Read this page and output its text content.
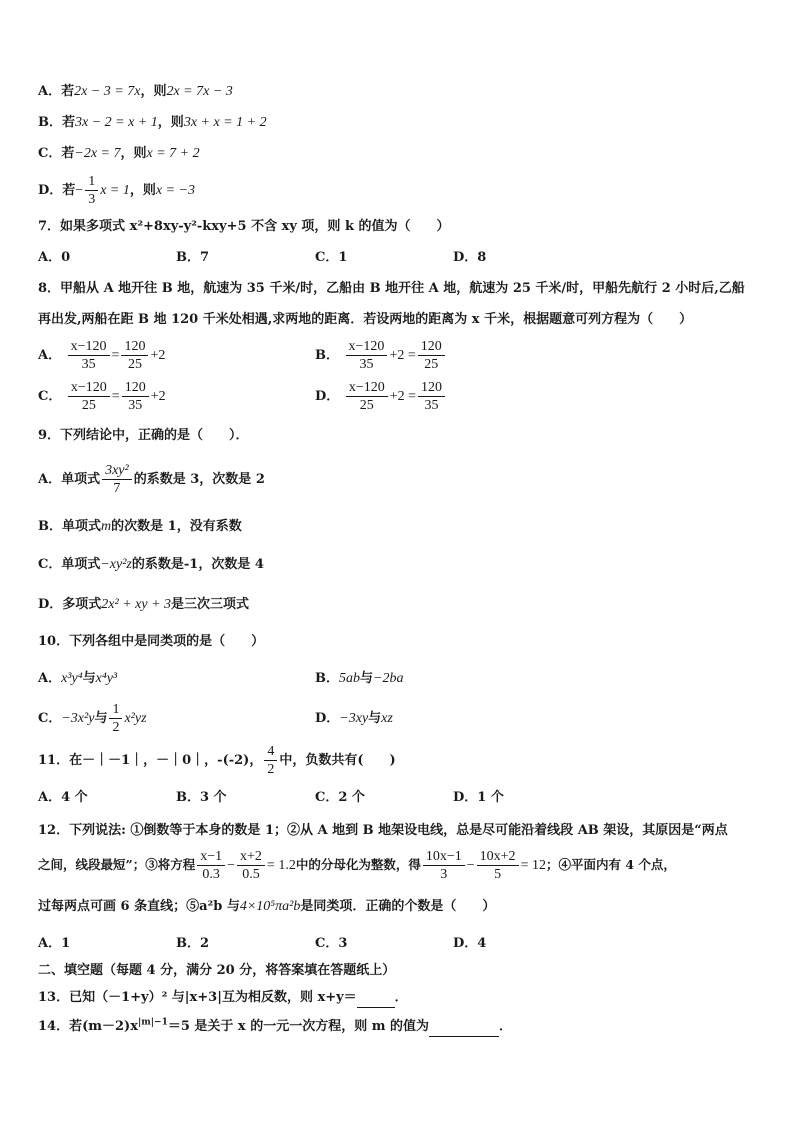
A．若2x − 3 = 7x，则2x = 7x − 3
B．若3x − 2 = x + 1，则3x + x = 1 + 2
C．若−2x = 7，则x = 7 + 2
D．若− $\frac{1}{3}$ x = 1，则x = −3
7．如果多项式 x²+8xy-y²-kxy+5 不含 xy 项，则 k 的值为（　　）
A．0	B．7	C．1	D．8
8．甲船从 A 地开往 B 地，航速为 35 千米/时，乙船由 B 地开往 A 地，航速为 25 千米/时，甲船先航行 2 小时后,乙船
再出发,两船在距 B 地 120 千米处相遇,求两地的距离．若设两地的距离为 x 千米，根据题意可列方程为（　　）
A． $\frac{x-120}{35} = \frac{120}{25} +2$	B． $\frac{x-120}{35} +2 = \frac{120}{25}$
C． $\frac{x-120}{25} = \frac{120}{35} +2$	D． $\frac{x-120}{25} +2 = \frac{120}{35}$
9．下列结论中，正确的是（　　）．
A．单项式 $\frac{\text{3xy²}}{7}$ 的系数是 3，次数是 2
B．单项式m的次数是 1，没有系数
C．单项式−xy²z的系数是-1，次数是 4
D．多项式2x² + xy + 3是三次三项式
10．下列各组中是同类项的是（　　）
A．x³y⁴与x⁴y³	B．5ab与−2ba
C．−3x²y与 $\frac{1}{2} x^2yz$	D．−3xy与xz
11．在－｜－1｜，－｜0｜，-(-2)， $\frac{4}{2}$ 中，负数共有(　　)
A．4 个	B．3 个	C．2 个	D．1 个
12．下列说法: ①倒数等于本身的数是 1；②从 A 地到 B 地架设电线，总是尽可能沿着线段 AB 架设，其原因是“两点
之间，线段最短”；③将方程 $\frac{x-1}{0.3} - \frac{x+2}{0.5} = 1.2$中的分母化为整数，得 $\frac{10x-1}{3} - \frac{10x+2}{5} = 12$；④平面内有 4 个点，
过每两点可画 6 条直线；⑤a²b 与4×10⁵πa²b是同类项．正确的个数是（　　）
A．1	B．2	C．3	D．4
二、填空题（每题 4 分，满分 20 分，将答案填在答题纸上）
13．已知（－1+y）² 与|x+3|互为相反数，则 x+y＝	．
14．若$(m-2)x^{|m|-1}=5$ 是关于 x 的一元一次方程，则 m 的值为	．
